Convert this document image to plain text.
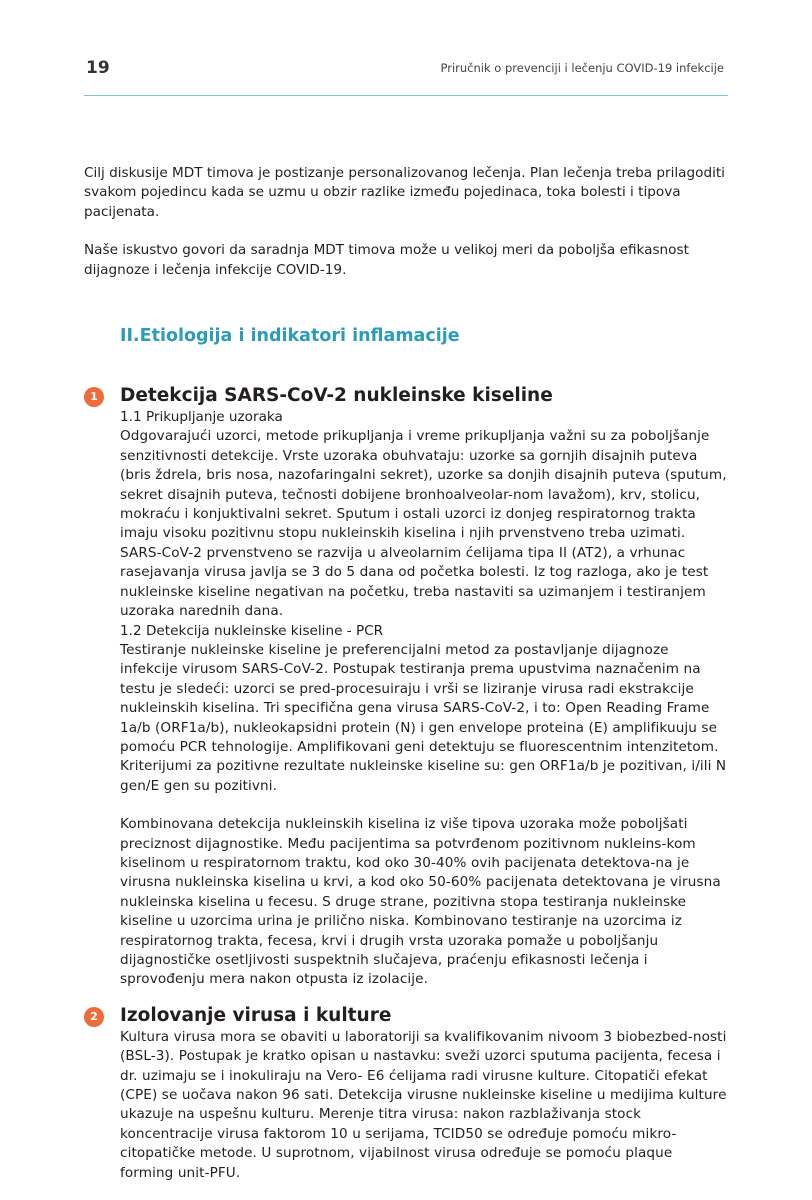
19	Priručnik o prevenciji i lečenju COVID-19 infekcije

Cilj diskusije MDT timova je postizanje personalizovanog lečenja. Plan lečenja treba prilagoditi svakom pojedincu kada se uzmu u obzir razlike između pojedinaca, toka bolesti i tipova pacijenata.

Naše iskustvo govori da saradnja MDT timova može u velikoj meri da poboljša efikasnost dijagnoze i lečenja infekcije COVID-19.

II.Etiologija i indikatori inflamacije
1	Detekcija SARS-CoV-2 nukleinske kiseline

1.1 Prikupljanje uzoraka

Odgovarajući uzorci, metode prikupljanja i vreme prikupljanja važni su za poboljšanje senzitivnosti detekcije. Vrste uzoraka obuhvataju: uzorke sa gornjih disajnih puteva (bris ždrela, bris nosa, nazofaringalni sekret), uzorke sa donjih disajnih puteva (sputum, sekret disajnih puteva, tečnosti dobijene bronhoalveolar-nom lavažom), krv, stolicu, mokraću i konjuktivalni sekret. Sputum i ostali uzorci iz donjeg respiratornog trakta imaju visoku pozitivnu stopu nukleinskih kiselina i njih prvenstveno treba uzimati. SARS-CoV-2 prvenstveno se razvija u alveolarnim ćelijama tipa II (AT2), a vrhunac rasejavanja virusa javlja se 3 do 5 dana od početka bolesti. Iz tog razloga, ako je test nukleinske kiseline negativan na početku, treba nastaviti sa uzimanjem i testiranjem uzoraka narednih dana.

1.2 Detekcija nukleinske kiseline - PCR

Testiranje nukleinske kiseline je preferencijalni metod za postavljanje dijagnoze infekcije virusom SARS-CoV-2. Postupak testiranja prema upustvima naznačenim na testu je sledeći: uzorci se pred-procesuiraju i vrši se liziranje virusa radi ekstrakcije nukleinskih kiselina. Tri specifična gena virusa SARS-CoV-2, i to: Open Reading Frame 1a/b (ORF1a/b), nukleokapsidni protein (N) i gen envelope proteina (E) amplifikuuju se pomoću PCR tehnologije. Amplifikovani geni detektuju se fluorescentnim intenzitetom. Kriterijumi za pozitivne rezultate nukleinske kiseline su: gen ORF1a/b je pozitivan, i/ili N gen/E gen su pozitivni.

Kombinovana detekcija nukleinskih kiselina iz više tipova uzoraka može poboljšati preciznost dijagnostike. Među pacijentima sa potvrđenom pozitivnom nukleins-kom kiselinom u respiratornom traktu, kod oko 30-40% ovih pacijenata detektova-na je virusna nukleinska kiselina u krvi, a kod oko 50-60% pacijenata detektovana je virusna nukleinska kiselina u fecesu. S druge strane, pozitivna stopa testiranja nukleinske kiseline u uzorcima urina je prilično niska. Kombinovano testiranje na uzorcima iz respiratornog trakta, fecesa, krvi i drugih vrsta uzoraka pomaže u poboljšanju dijagnostičke osetljivosti suspektnih slučajeva, praćenju efikasnosti lečenja i sprovođenju mera nakon otpusta iz izolacije.

2	Izolovanje virusa i kulture

Kultura virusa mora se obaviti u laboratoriji sa kvalifikovanim nivoom 3 biobezbed-nosti (BSL-3). Postupak je kratko opisan u nastavku: sveži uzorci sputuma pacijenta, fecesa i dr. uzimaju se i inokuliraju na Vero- E6 ćelijama radi virusne kulture. Citopatiči efekat (CPE) se uočava nakon 96 sati. Detekcija virusne nukleinske kiseline u medijima kulture ukazuje na uspešnu kulturu. Merenje titra virusa: nakon razblaživanja stock koncentracije virusa faktorom 10 u serijama, TCID50 se određuje pomoću mikro-citopatičke metode. U suprotnom, vijabilnost virusa određuje se pomoću plaque forming unit-PFU.
